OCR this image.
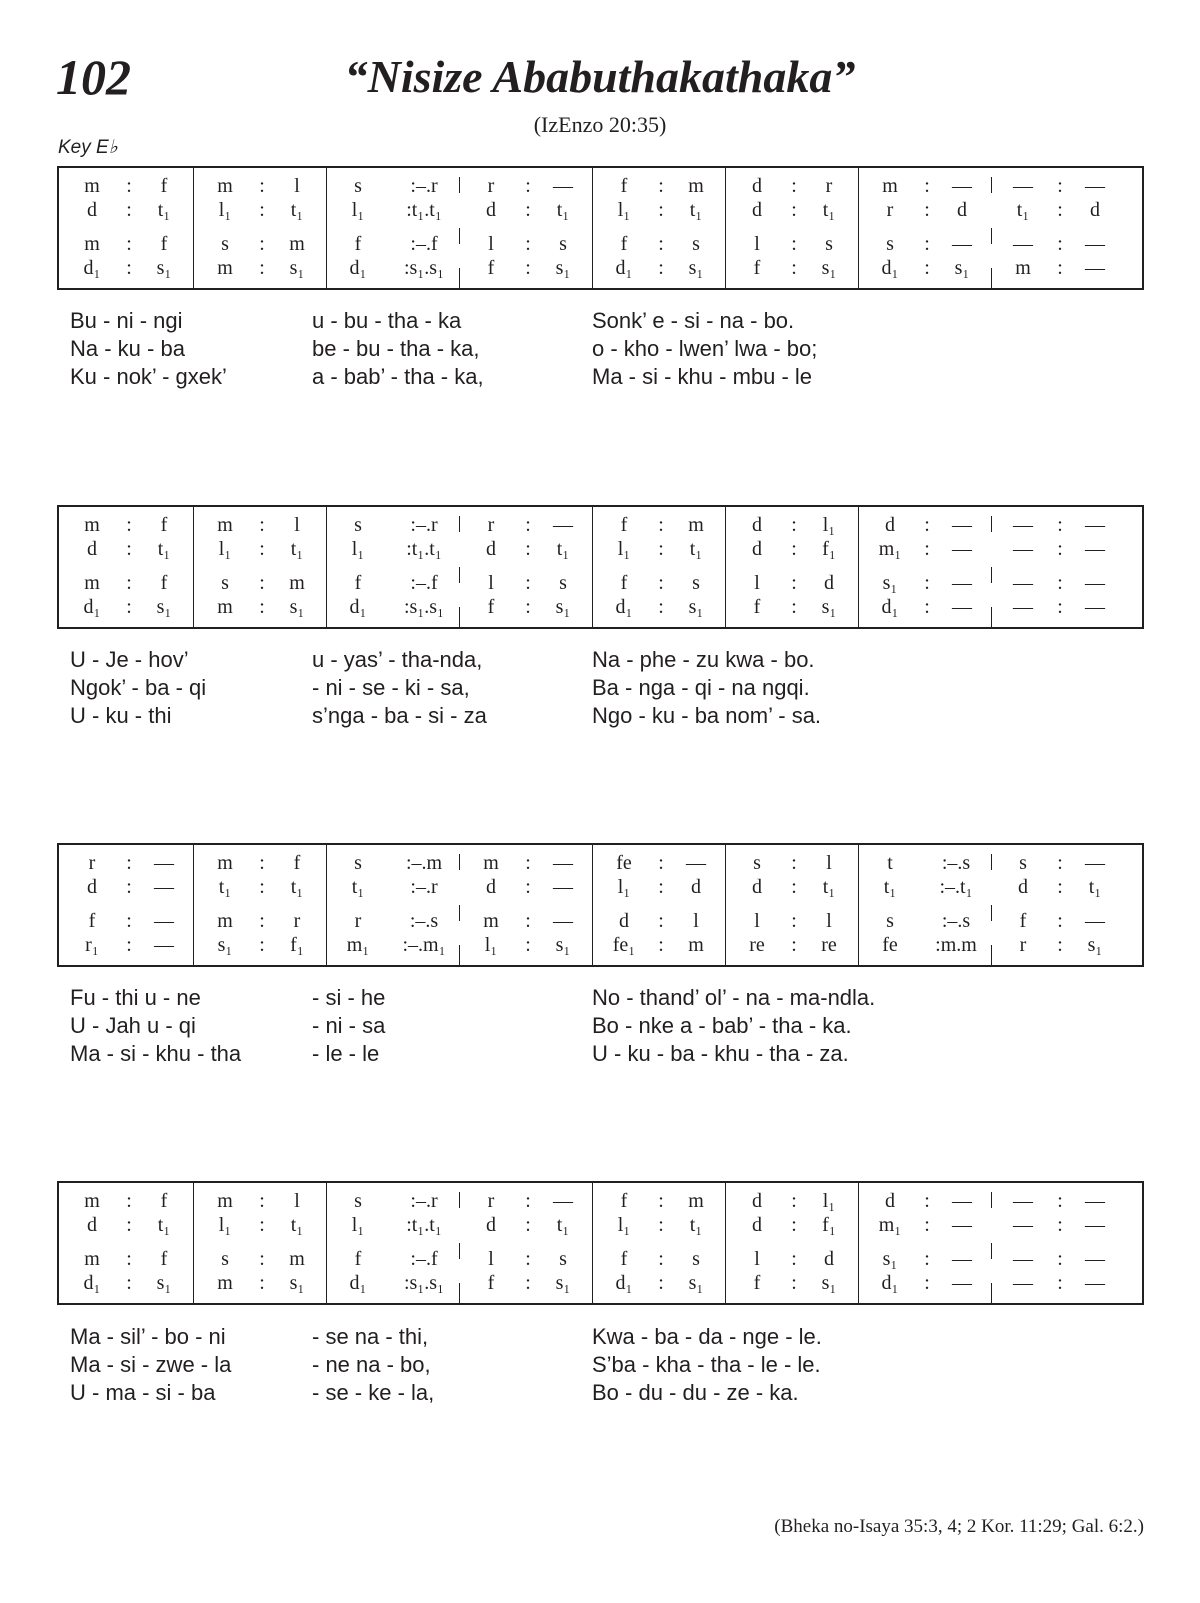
102	“Nisize Ababuthakathaka”
(IzEnzo 20:35)
Key E♭
m	:	f	m	:	l	s	:–.r	r	:	—	f	:	m	d	:	r	m	:	—	—	:	—
d	:	t₁	l₁	:	t₁	l₁	:t₁.t₁	d	:	t₁	l₁	:	t₁	d	:	t₁	r	:	d	t₁	:	d
m	:	f	s	:	m	f	:–.f	l	:	s	f	:	s	l	:	s	s	:	—	—	:	—
d₁	:	s₁	m	:	s₁	d₁	:s₁.s₁	f	:	s₁	d₁	:	s₁	f	:	s₁	d₁	:	s₁	m	:	—
Bu - ni - ngi	u - bu - tha - ka	Sonk’ e - si - na - bo.
Na - ku - ba	be - bu - tha - ka,	o - kho - lwen’ lwa - bo;
Ku - nok’ - gxek’	a - bab’ - tha - ka,	Ma - si - khu - mbu - le
m	:	f	m	:	l	s	:–.r	r	:	—	f	:	m	d	:	l₁	d	:	—	—	:	—
d	:	t₁	l₁	:	t₁	l₁	:t₁.t₁	d	:	t₁	l₁	:	t₁	d	:	f₁	m₁	:	—	—	:	—
m	:	f	s	:	m	f	:–.f	l	:	s	f	:	s	l	:	d	s₁	:	—	—	:	—
d₁	:	s₁	m	:	s₁	d₁	:s₁.s₁	f	:	s₁	d₁	:	s₁	f	:	s₁	d₁	:	—	—	:	—
U - Je - hov’	u - yas’ - tha-nda,	Na - phe - zu kwa - bo.
Ngok’ - ba - qi	- ni - se - ki - sa,	Ba - nga - qi - na ngqi.
U - ku - thi	s’nga - ba - si - za	Ngo - ku - ba nom’ - sa.
r	:	—	m	:	f	s	:–.m	m	:	—	fe	:	—	s	:	l	t	:–.s	s	:	—
d	:	—	t₁	:	t₁	t₁	:–.r	d	:	—	l₁	:	d	d	:	t₁	t₁	:–.t₁	d	:	t₁
f	:	—	m	:	r	r	:–.s	m	:	—	d	:	l	l	:	l	s	:–.s	f	:	—
r₁	:	—	s₁	:	f₁	m₁	:–.m₁	l₁	:	s₁	fe₁	:	m	re	:	re	fe	:m.m	r	:	s₁
Fu - thi u - ne	- si - he	No - thand’ ol’ - na - ma-ndla.
U - Jah u - qi	- ni - sa	Bo - nke a - bab’ - tha - ka.
Ma - si - khu - tha	- le - le	U - ku - ba - khu - tha - za.
m	:	f	m	:	l	s	:–.r	r	:	—	f	:	m	d	:	l₁	d	:	—	—	:	—
d	:	t₁	l₁	:	t₁	l₁	:t₁.t₁	d	:	t₁	l₁	:	t₁	d	:	f₁	m₁	:	—	—	:	—
m	:	f	s	:	m	f	:–.f	l	:	s	f	:	s	l	:	d	s₁	:	—	—	:	—
d₁	:	s₁	m	:	s₁	d₁	:s₁.s₁	f	:	s₁	d₁	:	s₁	f	:	s₁	d₁	:	—	—	:	—
Ma - sil’ - bo - ni	- se na - thi,	Kwa - ba - da - nge - le.
Ma - si - zwe - la	- ne na - bo,	S’ba - kha - tha - le - le.
U - ma - si - ba	- se - ke - la,	Bo - du - du - ze - ka.
(Bheka no-Isaya 35:3, 4; 2 Kor. 11:29; Gal. 6:2.)
